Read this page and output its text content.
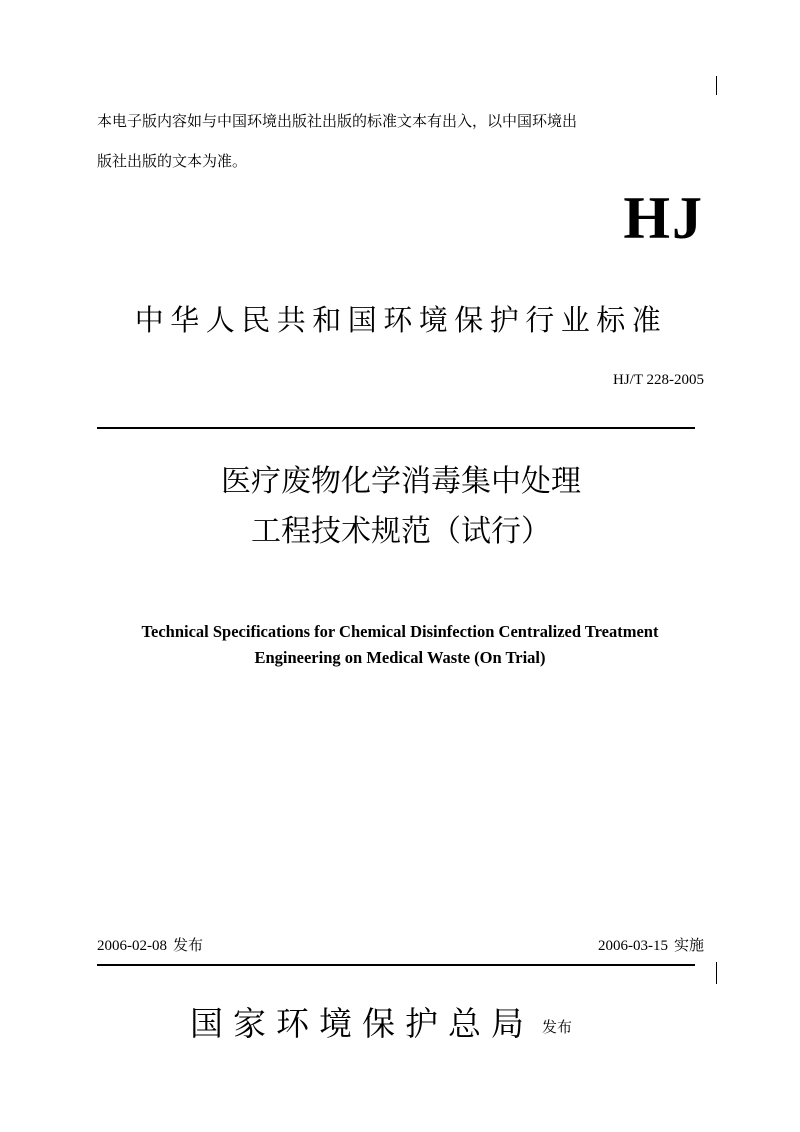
本电子版内容如与中国环境出版社出版的标准文本有出入，以中国环境出
版社出版的文本为准。
HJ
中华人民共和国环境保护行业标准
HJ/T 228-2005
医疗废物化学消毒集中处理
工程技术规范（试行）
Technical Specifications for Chemical Disinfection Centralized Treatment
Engineering on Medical Waste (On Trial)
2006-02-08 发布	2006-03-15 实施
国家环境保护总局 发布
